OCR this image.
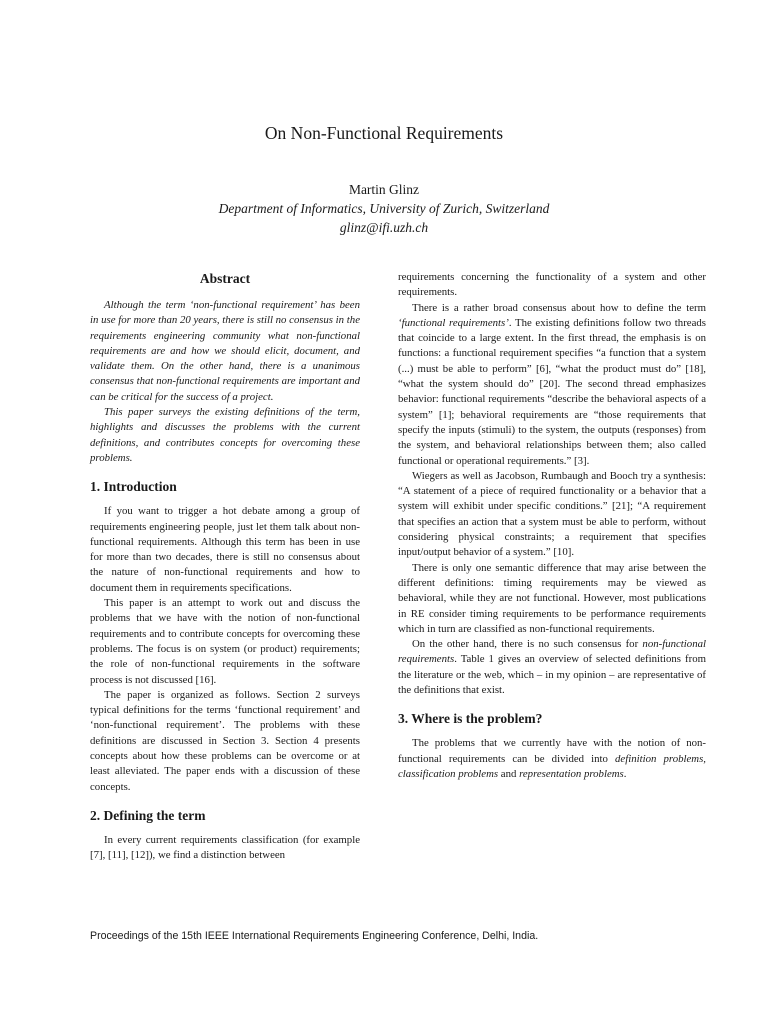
On Non-Functional Requirements
Martin Glinz
Department of Informatics, University of Zurich, Switzerland
glinz@ifi.uzh.ch
Abstract

Although the term ‘non-functional requirement’ has been in use for more than 20 years, there is still no consensus in the requirements engineering community what non-functional requirements are and how we should elicit, document, and validate them. On the other hand, there is a unanimous consensus that non-functional requirements are important and can be critical for the success of a project.

This paper surveys the existing definitions of the term, highlights and discusses the problems with the current definitions, and contributes concepts for overcoming these problems.

1. Introduction

If you want to trigger a hot debate among a group of requirements engineering people, just let them talk about non-functional requirements. Although this term has been in use for more than two decades, there is still no consensus about the nature of non-functional requirements and how to document them in requirements specifications.

This paper is an attempt to work out and discuss the problems that we have with the notion of non-functional requirements and to contribute concepts for overcoming these problems. The focus is on system (or product) requirements; the role of non-functional requirements in the software process is not discussed [16].

The paper is organized as follows. Section 2 surveys typical definitions for the terms ‘functional requirement’ and ‘non-functional requirement’. The problems with these definitions are discussed in Section 3. Section 4 presents concepts about how these problems can be overcome or at least alleviated. The paper ends with a discussion of these concepts.

2. Defining the term

In every current requirements classification (for example [7], [11], [12]), we find a distinction between

requirements concerning the functionality of a system and other requirements.

There is a rather broad consensus about how to define the term ‘functional requirements’. The existing definitions follow two threads that coincide to a large extent. In the first thread, the emphasis is on functions: a functional requirement specifies “a function that a system (...) must be able to perform” [6], “what the product must do” [18], “what the system should do” [20]. The second thread emphasizes behavior: functional requirements “describe the behavioral aspects of a system” [1]; behavioral requirements are “those requirements that specify the inputs (stimuli) to the system, the outputs (responses) from the system, and behavioral relationships between them; also called functional or operational requirements.” [3].

Wiegers as well as Jacobson, Rumbaugh and Booch try a synthesis: “A statement of a piece of required functionality or a behavior that a system will exhibit under specific conditions.” [21]; “A requirement that specifies an action that a system must be able to perform, without considering physical constraints; a requirement that specifies input/output behavior of a system.” [10].

There is only one semantic difference that may arise between the different definitions: timing requirements may be viewed as behavioral, while they are not functional. However, most publications in RE consider timing requirements to be performance requirements which in turn are classified as non-functional requirements.

On the other hand, there is no such consensus for non-functional requirements. Table 1 gives an overview of selected definitions from the literature or the web, which – in my opinion – are representative of the definitions that exist.

3. Where is the problem?

The problems that we currently have with the notion of non-functional requirements can be divided into definition problems, classification problems and representation problems.

Proceedings of the 15th IEEE International Requirements Engineering Conference, Delhi, India.
